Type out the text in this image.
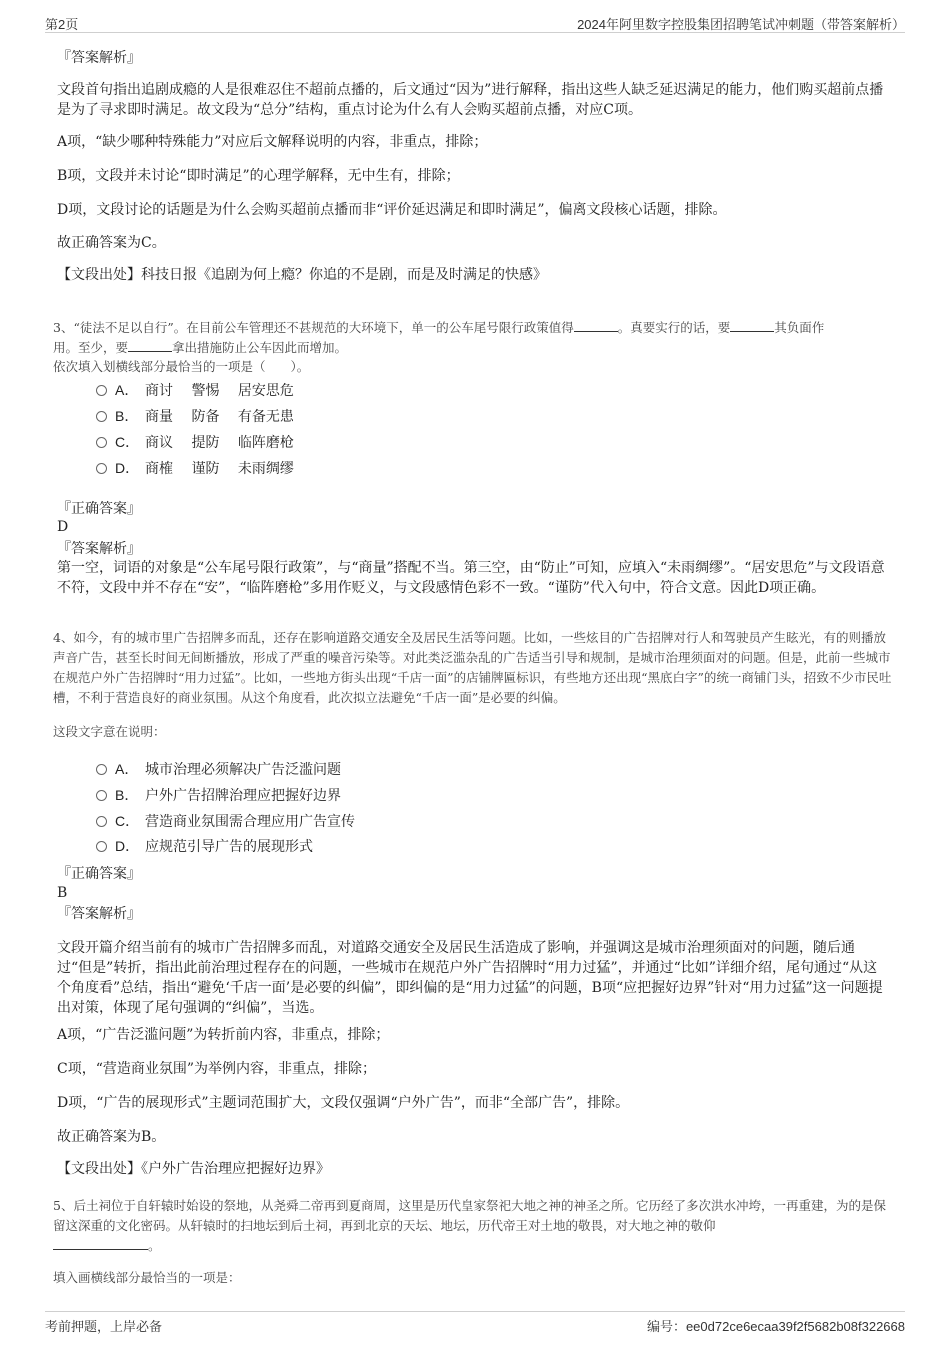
第2页	2024年阿里数字控股集团招聘笔试冲刺题（带答案解析）

『答案解析』

文段首句指出追剧成瘾的人是很难忍住不超前点播的，后文通过“因为”进行解释，指出这些人缺乏延迟满足的能力，他们购买超前点播是为了寻求即时满足。故文段为“总分”结构，重点讨论为什么有人会购买超前点播，对应C项。

A项，“缺少哪种特殊能力”对应后文解释说明的内容，非重点，排除；

B项，文段并未讨论“即时满足”的心理学解释，无中生有，排除；

D项，文段讨论的话题是为什么会购买超前点播而非“评价延迟满足和即时满足”，偏离文段核心话题，排除。

故正确答案为C。

【文段出处】科技日报《追剧为何上瘾？你追的不是剧，而是及时满足的快感》

3、“徒法不足以自行”。在目前公车管理还不甚规范的大环境下，单一的公车尾号限行政策值得	。真要实行的话，要	其负面作
用。至少，要	拿出措施防止公车因此而增加。

依次填入划横线部分最恰当的一项是（　　）。

A． 商讨　 警惕　 居安思危
B． 商量　 防备　 有备无患
C． 商议　 提防　 临阵磨枪
D． 商榷　 谨防　 未雨绸缪

『正确答案』

D

『答案解析』

第一空，词语的对象是“公车尾号限行政策”，与“商量”搭配不当。第三空，由“防止”可知，应填入“未雨绸缪”。“居安思危”与文段语意不符，文段中并不存在“安”，“临阵磨枪”多用作贬义，与文段感情色彩不一致。“谨防”代入句中，符合文意。因此D项正确。

4、如今，有的城市里广告招牌多而乱，还存在影响道路交通安全及居民生活等问题。比如，一些炫目的广告招牌对行人和驾驶员产生眩光，有的则播放声音广告，甚至长时间无间断播放，形成了严重的噪音污染等。对此类泛滥杂乱的广告适当引导和规制，是城市治理须面对的问题。但是，此前一些城市在规范户外广告招牌时“用力过猛”。比如，一些地方街头出现“千店一面”的店铺牌匾标识，有些地方还出现“黑底白字”的统一商铺门头，招致不少市民吐槽，不利于营造良好的商业氛围。从这个角度看，此次拟立法避免“千店一面”是必要的纠偏。

这段文字意在说明：

A． 城市治理必须解决广告泛滥问题
B． 户外广告招牌治理应把握好边界
C． 营造商业氛围需合理应用广告宣传
D． 应规范引导广告的展现形式

『正确答案』

B

『答案解析』

文段开篇介绍当前有的城市广告招牌多而乱，对道路交通安全及居民生活造成了影响，并强调这是城市治理须面对的问题，随后通过“但是”转折，指出此前治理过程存在的问题，一些城市在规范户外广告招牌时“用力过猛”，并通过“比如”详细介绍，尾句通过“从这个角度看”总结，指出“避免‘千店一面’是必要的纠偏”，即纠偏的是“用力过猛”的问题，B项“应把握好边界”针对“用力过猛”这一问题提出对策，体现了尾句强调的“纠偏”，当选。

A项，“广告泛滥问题”为转折前内容，非重点，排除；

C项，“营造商业氛围”为举例内容，非重点，排除；

D项，“广告的展现形式”主题词范围扩大，文段仅强调“户外广告”，而非“全部广告”，排除。

故正确答案为B。

【文段出处】《户外广告治理应把握好边界》

5、后土祠位于自轩辕时始设的祭地，从尧舜二帝再到夏商周，这里是历代皇家祭祀大地之神的神圣之所。它历经了多次洪水冲垮，一再重建，为的是保留这深重的文化密码。从轩辕时的扫地坛到后土祠，再到北京的天坛、地坛，历代帝王对土地的敬畏，对大地之神的敬仰
。

填入画横线部分最恰当的一项是：

考前押题，上岸必备	编号：ee0d72ce6ecaa39f2f5682b08f322668
